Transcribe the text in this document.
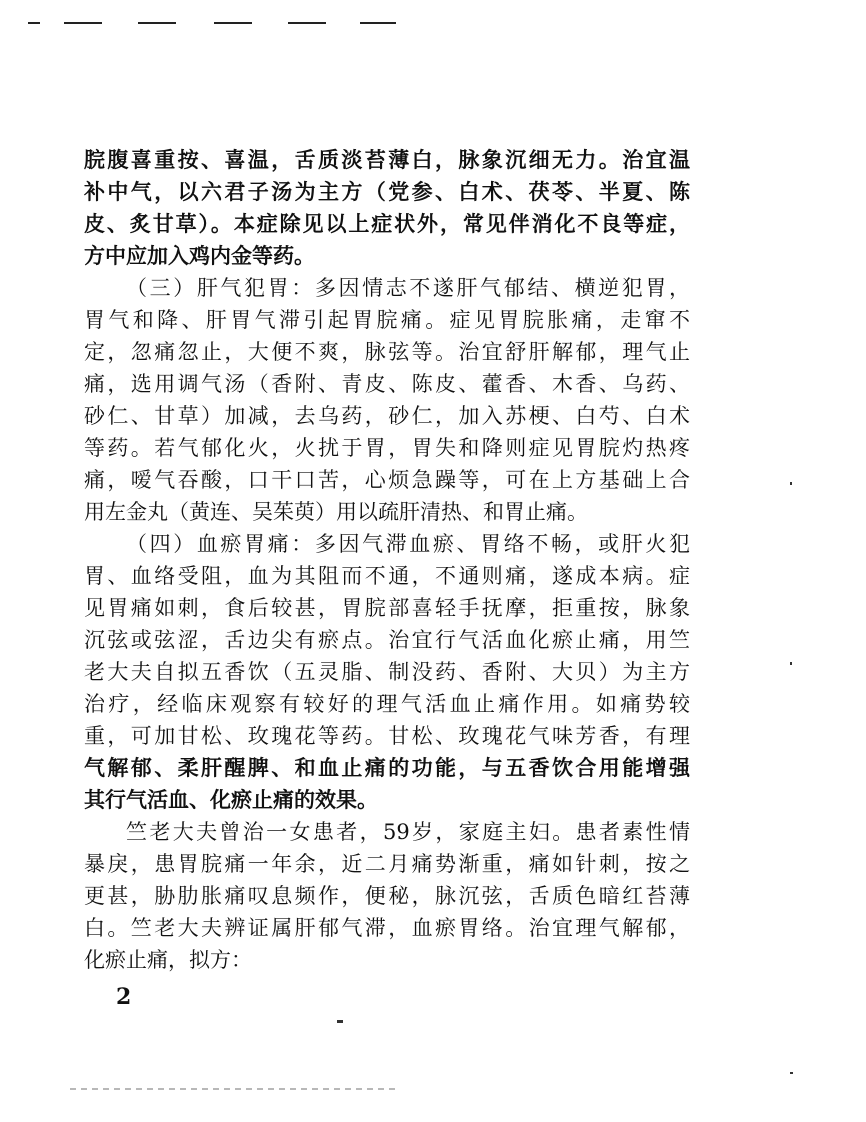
脘腹喜重按、喜温，舌质淡苔薄白，脉象沉细无力。治宜温
补中气，以六君子汤为主方（党参、白术、茯苓、半夏、陈
皮、炙甘草）。本症除见以上症状外，常见伴消化不良等症，
方中应加入鸡内金等药。
（三）肝气犯胃：多因情志不遂肝气郁结、横逆犯胃，
胃气和降、肝胃气滞引起胃脘痛。症见胃脘胀痛，走窜不
定，忽痛忽止，大便不爽，脉弦等。治宜舒肝解郁，理气止
痛，选用调气汤（香附、青皮、陈皮、藿香、木香、乌药、
砂仁、甘草）加减，去乌药，砂仁，加入苏梗、白芍、白术
等药。若气郁化火，火扰于胃，胃失和降则症见胃脘灼热疼
痛，嗳气吞酸，口干口苦，心烦急躁等，可在上方基础上合
用左金丸（黄连、吴茱萸）用以疏肝清热、和胃止痛。
（四）血瘀胃痛：多因气滞血瘀、胃络不畅，或肝火犯
胃、血络受阻，血为其阻而不通，不通则痛，遂成本病。症
见胃痛如刺，食后较甚，胃脘部喜轻手抚摩，拒重按，脉象
沉弦或弦涩，舌边尖有瘀点。治宜行气活血化瘀止痛，用竺
老大夫自拟五香饮（五灵脂、制没药、香附、大贝）为主方
治疗，经临床观察有较好的理气活血止痛作用。如痛势较
重，可加甘松、玫瑰花等药。甘松、玫瑰花气味芳香，有理
气解郁、柔肝醒脾、和血止痛的功能，与五香饮合用能增强
其行气活血、化瘀止痛的效果。
竺老大夫曾治一女患者，59岁，家庭主妇。患者素性情
暴戾，患胃脘痛一年余，近二月痛势渐重，痛如针刺，按之
更甚，胁肋胀痛叹息频作，便秘，脉沉弦，舌质色暗红苔薄
白。竺老大夫辨证属肝郁气滞，血瘀胃络。治宜理气解郁，
化瘀止痛，拟方：
2
